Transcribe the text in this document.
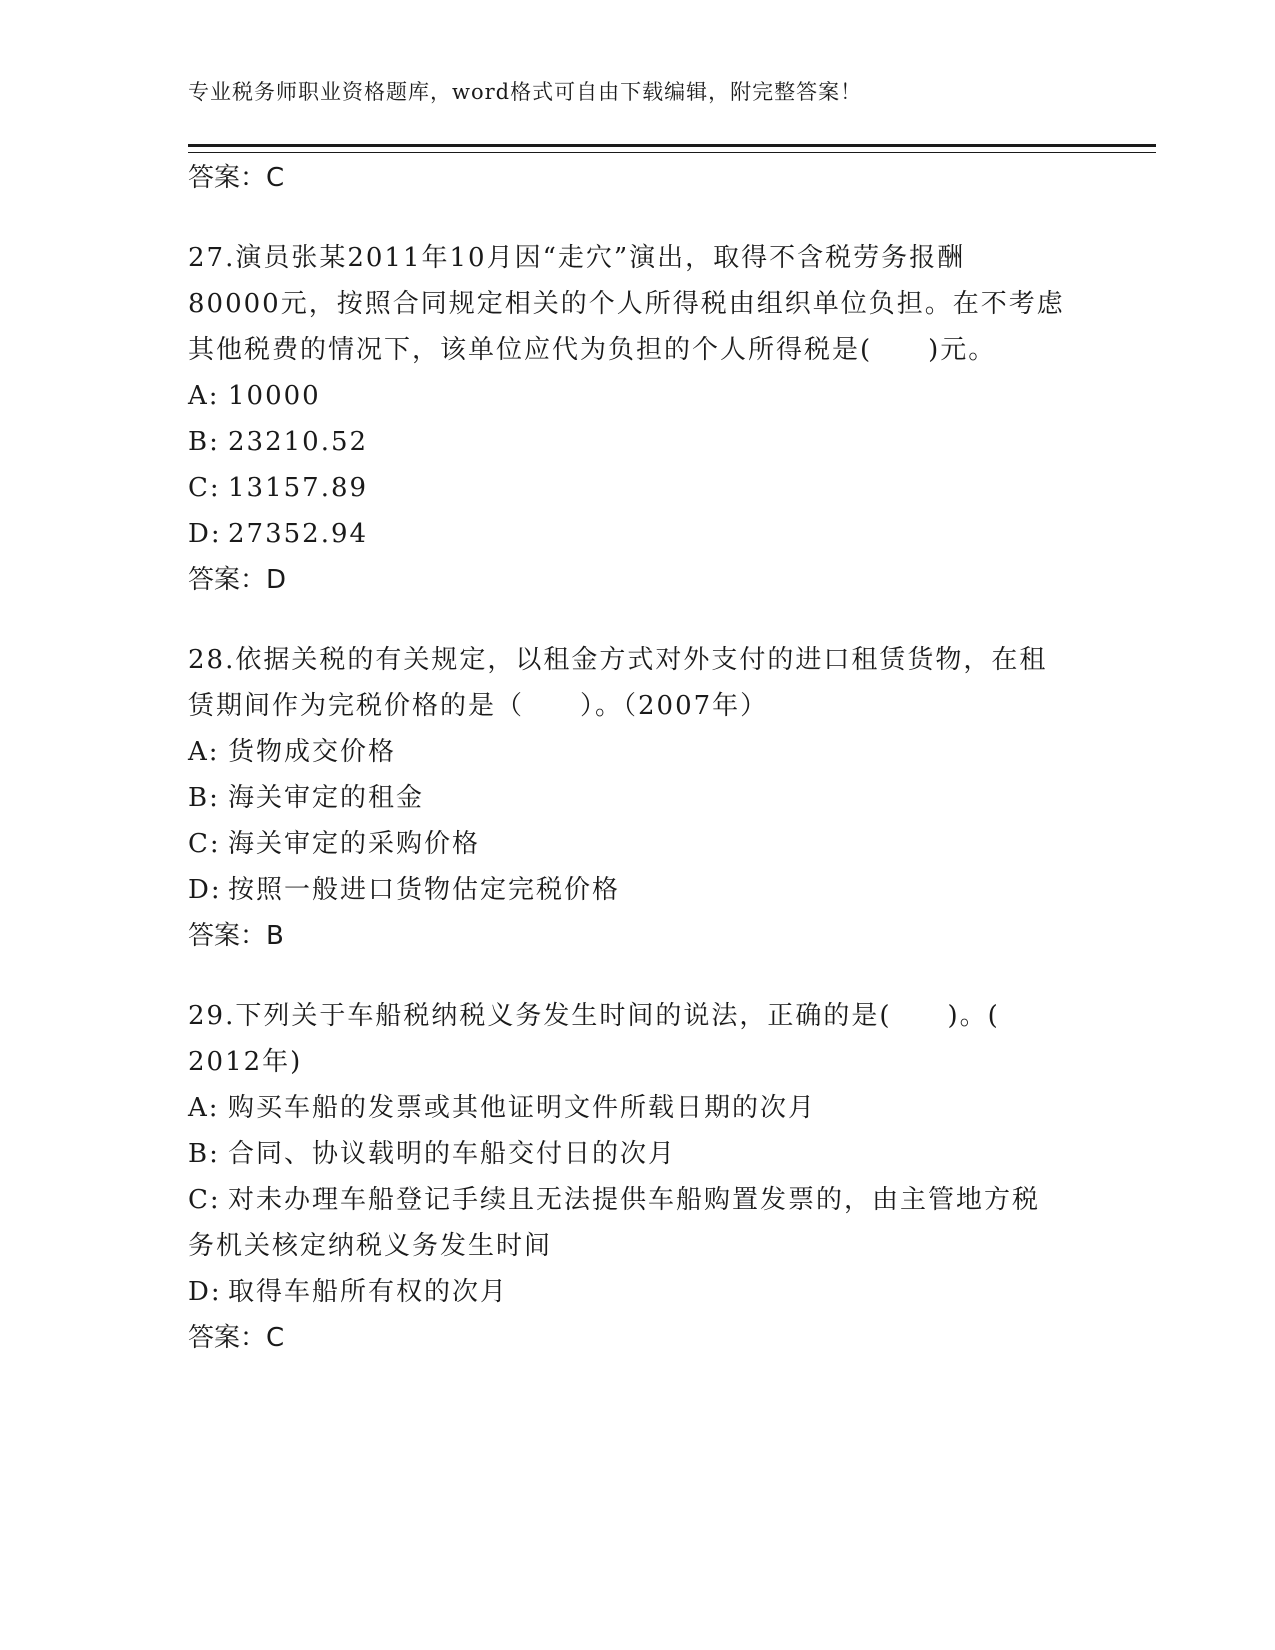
专业税务师职业资格题库，word格式可自由下载编辑，附完整答案！
答案：C

27.演员张某2011年10月因“走穴”演出，取得不含税劳务报酬

80000元，按照合同规定相关的个人所得税由组织单位负担。在不考虑

其他税费的情况下，该单位应代为负担的个人所得税是(　　)元。

A: 10000
B: 23210.52
C: 13157.89
D: 27352.94
答案：D

28.依据关税的有关规定，以租金方式对外支付的进口租赁货物，在租

赁期间作为完税价格的是（　　）。（2007年）

A: 货物成交价格
B: 海关审定的租金
C: 海关审定的采购价格
D: 按照一般进口货物估定完税价格
答案：B

29.下列关于车船税纳税义务发生时间的说法，正确的是(　　)。(

2012年)

A: 购买车船的发票或其他证明文件所载日期的次月
B: 合同、协议载明的车船交付日的次月
C: 对未办理车船登记手续且无法提供车船购置发票的，由主管地方税
务机关核定纳税义务发生时间
D: 取得车船所有权的次月
答案：C
